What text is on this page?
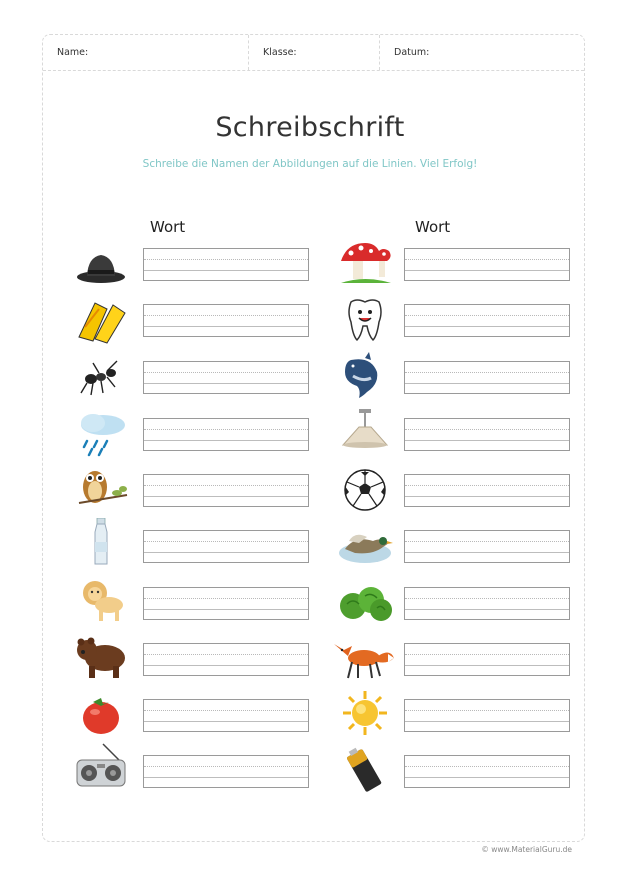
Name:	Klasse:	Datum:
Schreibschrift
Schreibe die Namen der Abbildungen auf die Linien. Viel Erfolg!
Wort	Wort
© www.MaterialGuru.de
